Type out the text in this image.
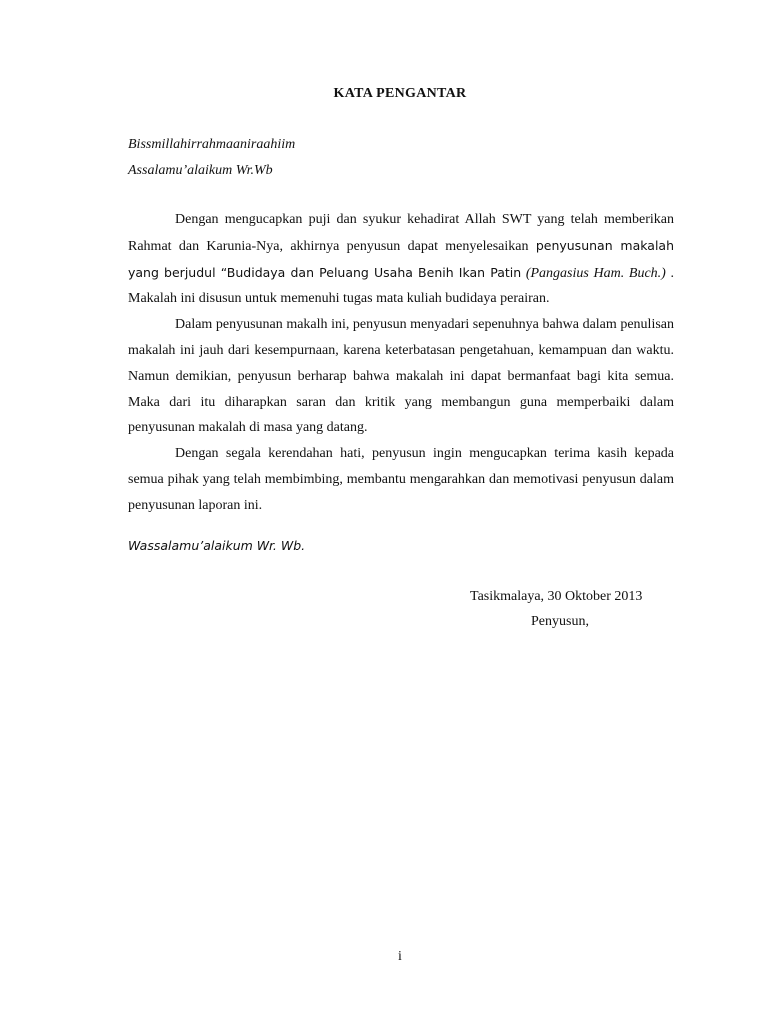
KATA PENGANTAR
Bissmillahirrahmaaniraahiim
Assalamu’alaikum Wr.Wb

Dengan mengucapkan puji dan syukur kehadirat Allah SWT yang telah memberikan Rahmat dan Karunia-Nya, akhirnya penyusun dapat menyelesaikan penyusunan makalah yang berjudul “Budidaya dan Peluang Usaha Benih Ikan Patin (Pangasius Ham. Buch.) . Makalah ini disusun untuk memenuhi tugas mata kuliah budidaya perairan.

Dalam penyusunan makalh ini, penyusun menyadari sepenuhnya bahwa dalam penulisan makalah ini jauh dari kesempurnaan, karena keterbatasan pengetahuan, kemampuan dan waktu. Namun demikian, penyusun berharap bahwa makalah ini dapat bermanfaat bagi kita semua. Maka dari itu diharapkan saran dan kritik yang membangun guna memperbaiki dalam penyusunan makalah di masa yang datang.

Dengan segala kerendahan hati, penyusun ingin mengucapkan terima kasih kepada semua pihak yang telah membimbing, membantu mengarahkan dan memotivasi penyusun dalam penyusunan laporan ini.

Wassalamu’alaikum Wr. Wb.
Tasikmalaya, 30 Oktober 2013
Penyusun,
i
